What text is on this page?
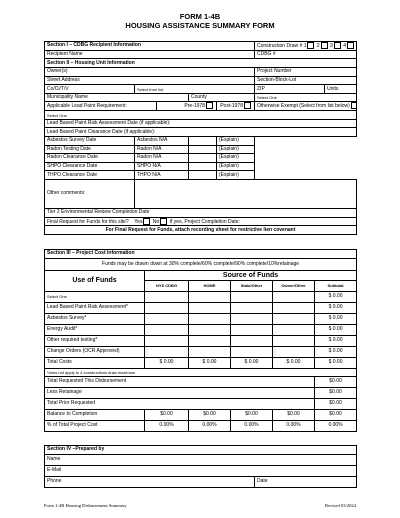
FORM 1-4B
HOUSING ASSISTANCE SUMMARY FORM
Section I – CDBG Recipient Information					Construction Draw # 1 2 3 4	
Recipient Name					CDBG #	
Section II – Housing Unit Information						
Owner(s)					Project Number	
Street Address					Section-Block-Lot	
Co/Ci/T/V	Select from list				ZIP	Units
Municipality Name			County		Select One	
Applicable Lead Paint Requirement:		Pre-1978		Post-1978	Otherwise Exempt (Select from list below)	
Select One						
Lead Based Paint Risk Assessment Date (if applicable):						
Lead Based Paint Clearance Date (if applicable):						
Asbestos Survey Date	Asbestos N/A			(Explain)		
Radon Testing Date	Radon N/A			(Explain)		
Radon Clearance Date	Radon N/A			(Explain)		
SHPO Clearance Date	SHPO N/A			(Explain)		
THPO Clearance Date	THPO N/A			(Explain)		
Other comments:						
Tier 2 Environmental Review Completion Date						
Final Request for Funds for this site? Yes No If yes, Project Completion Date:						
For Final Request for Funds, attach recording sheet for restrictive lien covenant						
Section III – Project Cost Information					
Funds may be drawn down at 30% complete/60% complete/90% complete/10%retainage					
Use of Funds	Source of Funds				
	NYS CDBG	HOME	State/Other	Owner/Other	Subtotal
Select One					$ 0.00
Lead Based Paint Risk Assessment*					$ 0.00
Asbestos Survey*					$ 0.00
Energy Audit*					$ 0.00
Other required testing*					$ 0.00
Change Orders (OCR Approved)					$ 0.00
Total Costs	$ 0.00	$ 0.00	$ 0.00	$ 0.00	$ 0.00
*does not apply to 4 constructions draw maximum					
Total Requested This Disbursement					$0.00
Less Retainage					$0.00
Total Prior Requested					$0.00
Balance to Completion	$0.00	$0.00	$0.00	$0.00	$0.00
% of Total Project Cost	0.00%	0.00%	0.00%	0.00%	0.00%
Section IV –Prepared by
Name
E-Mail
Phone	Date
Form 1-4B Housing Disbursement Summary	Revised 03/2024
